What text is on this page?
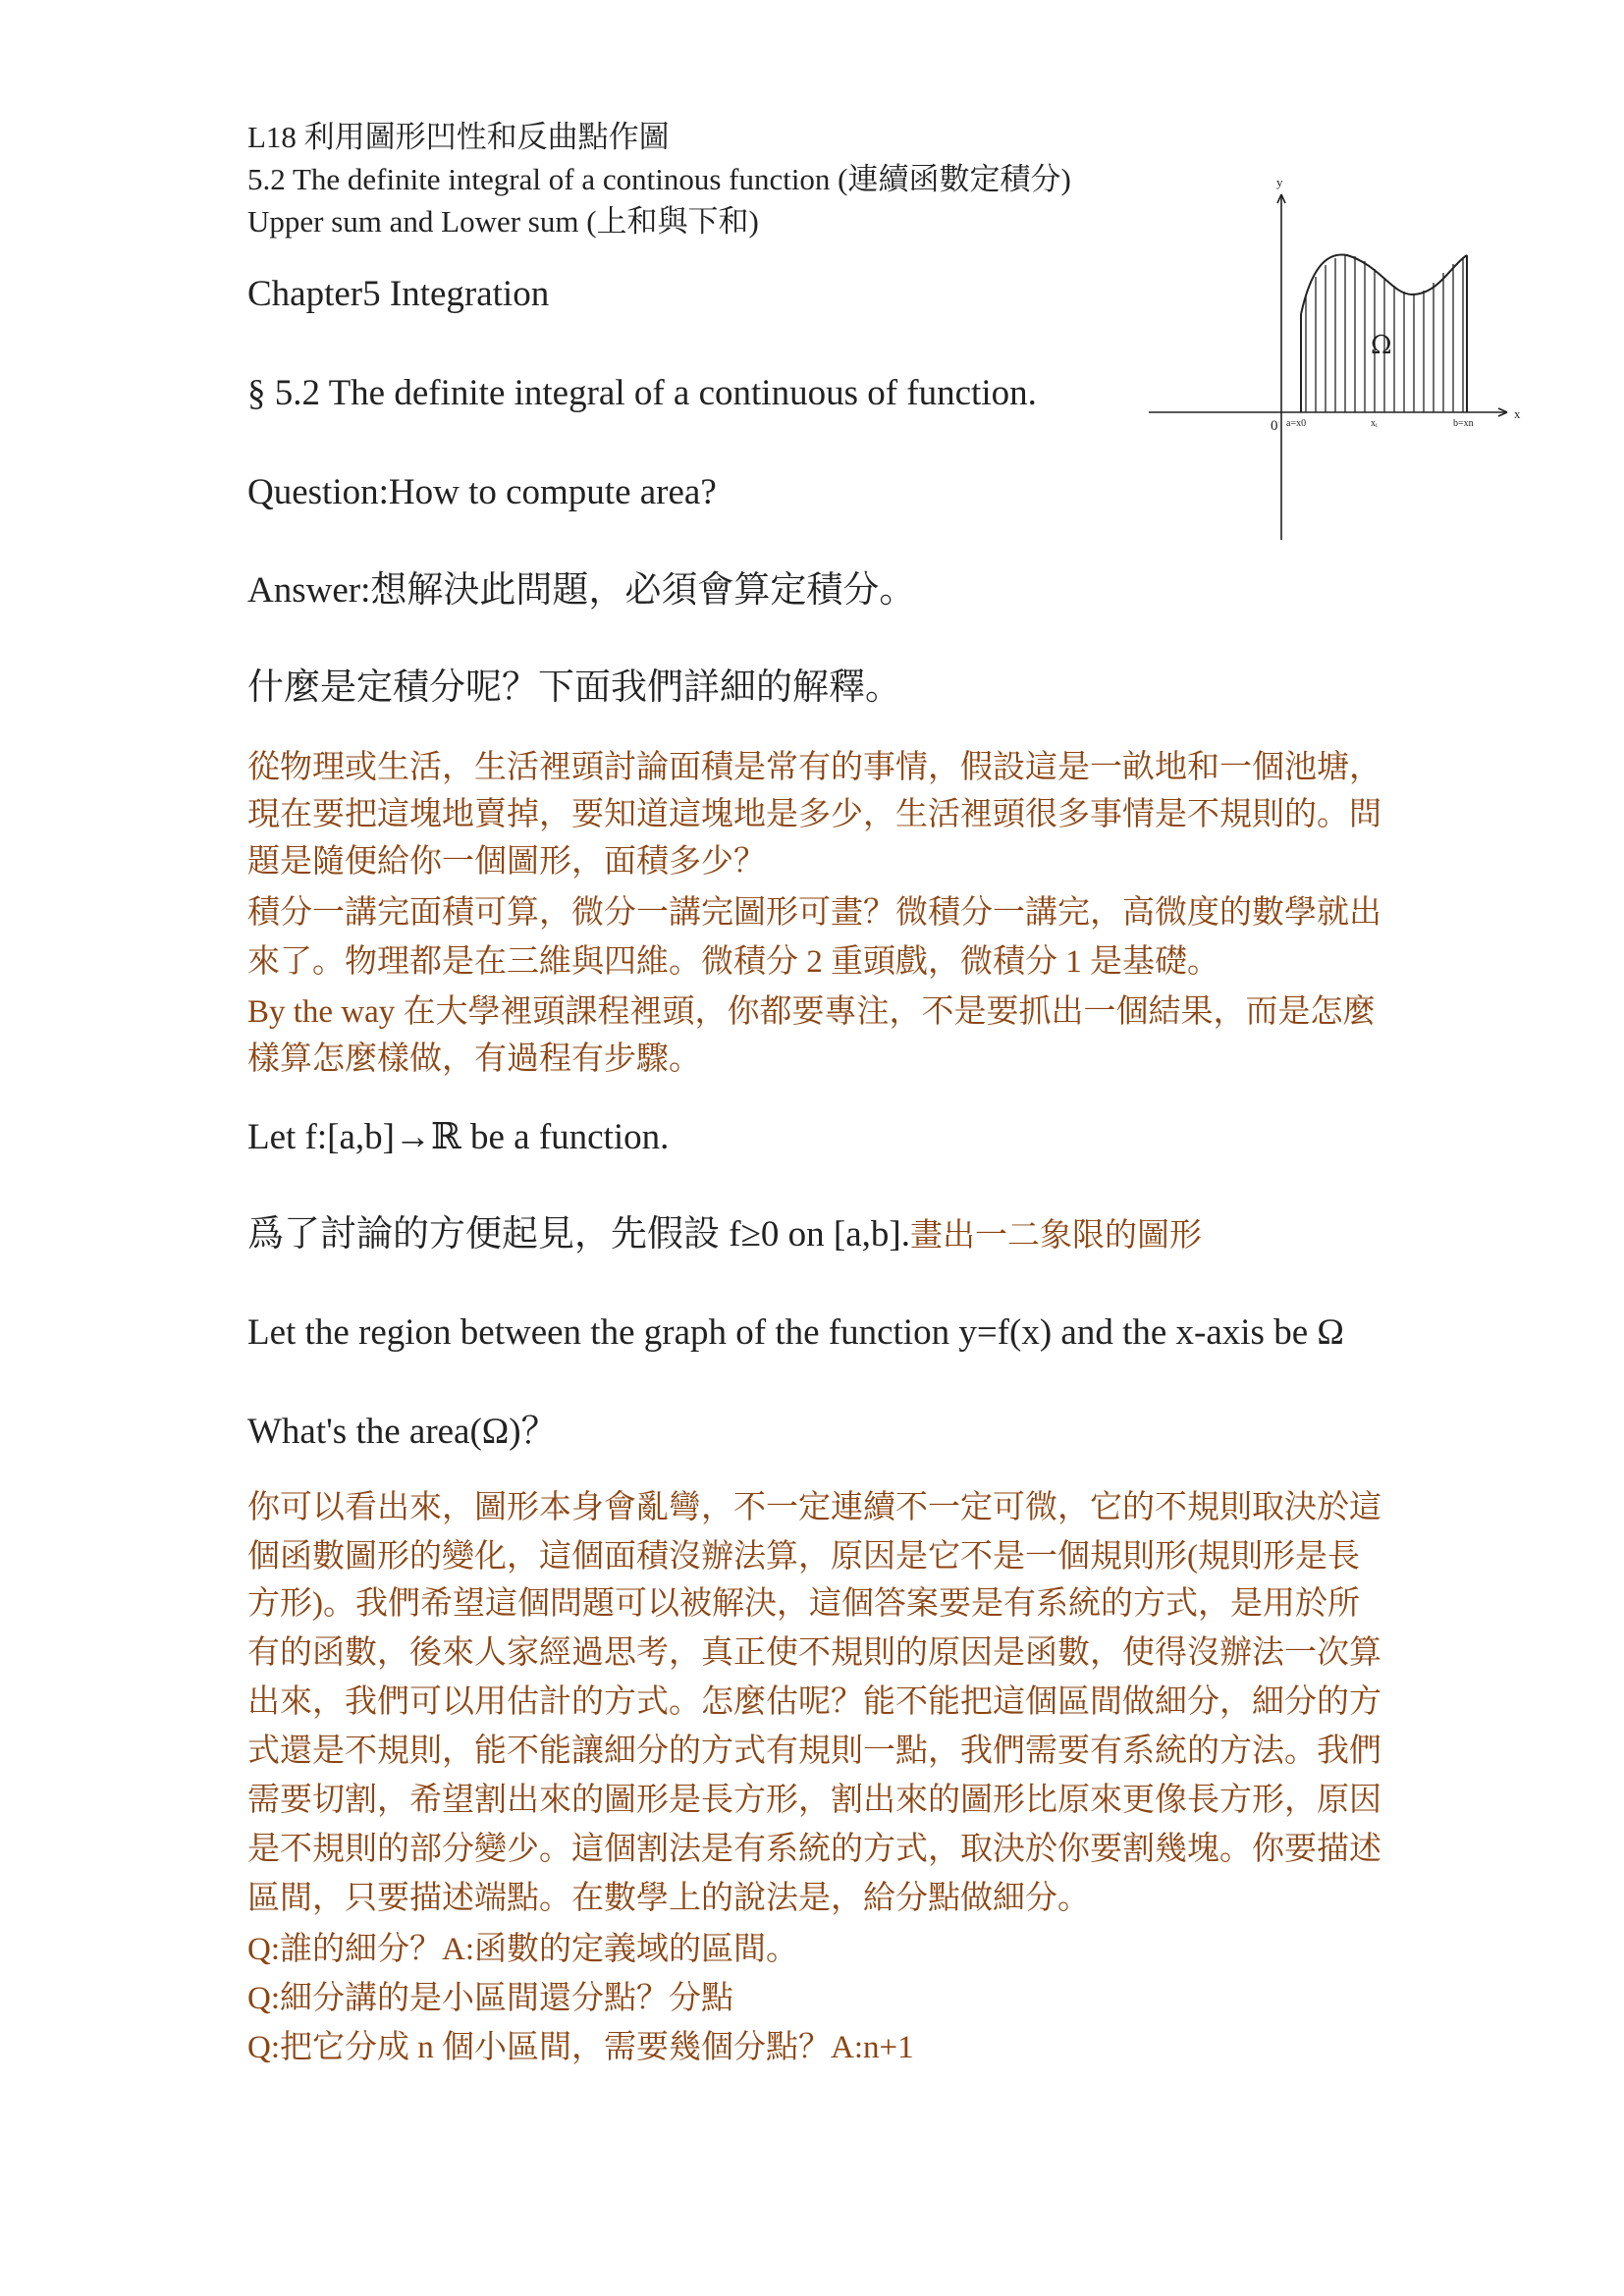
L18 利用圖形凹性和反曲點作圖
5.2 The definite integral of a continous function (連續函數定積分)
Upper sum and Lower sum (上和與下和)
Chapter5 Integration
§ 5.2 The definite integral of a continuous of function.
Question:How to compute area?
Answer:想解決此問題，必須會算定積分。
什麼是定積分呢？下面我們詳細的解釋。
從物理或生活，生活裡頭討論面積是常有的事情，假設這是一畝地和一個池塘，
現在要把這塊地賣掉，要知道這塊地是多少，生活裡頭很多事情是不規則的。問
題是隨便給你一個圖形，面積多少？
積分一講完面積可算，微分一講完圖形可畫？微積分一講完，高微度的數學就出
來了。物理都是在三維與四維。微積分 2 重頭戲，微積分 1 是基礎。
By the way 在大學裡頭課程裡頭，你都要專注，不是要抓出一個結果，而是怎麼
樣算怎麼樣做，有過程有步驟。
Let f:[a,b]→ℝ be a function.
爲了討論的方便起見，先假設 f≥0 on [a,b].畫出一二象限的圖形
Let the region between the graph of the function y=f(x) and the x-axis be Ω
What's the area(Ω)？
你可以看出來，圖形本身會亂彎，不一定連續不一定可微，它的不規則取決於這
個函數圖形的變化，這個面積沒辦法算，原因是它不是一個規則形(規則形是長
方形)。我們希望這個問題可以被解決，這個答案要是有系統的方式，是用於所
有的函數，後來人家經過思考，真正使不規則的原因是函數，使得沒辦法一次算
出來，我們可以用估計的方式。怎麼估呢？能不能把這個區間做細分，細分的方
式還是不規則，能不能讓細分的方式有規則一點，我們需要有系統的方法。我們
需要切割，希望割出來的圖形是長方形，割出來的圖形比原來更像長方形，原因
是不規則的部分變少。這個割法是有系統的方式，取決於你要割幾塊。你要描述
區間，只要描述端點。在數學上的說法是，給分點做細分。
Q:誰的細分？A:函數的定義域的區間。
Q:細分講的是小區間還分點？分點
Q:把它分成 n 個小區間，需要幾個分點？A:n+1
y
x
0 a=x0	xᵢ	b=xn
Ω
